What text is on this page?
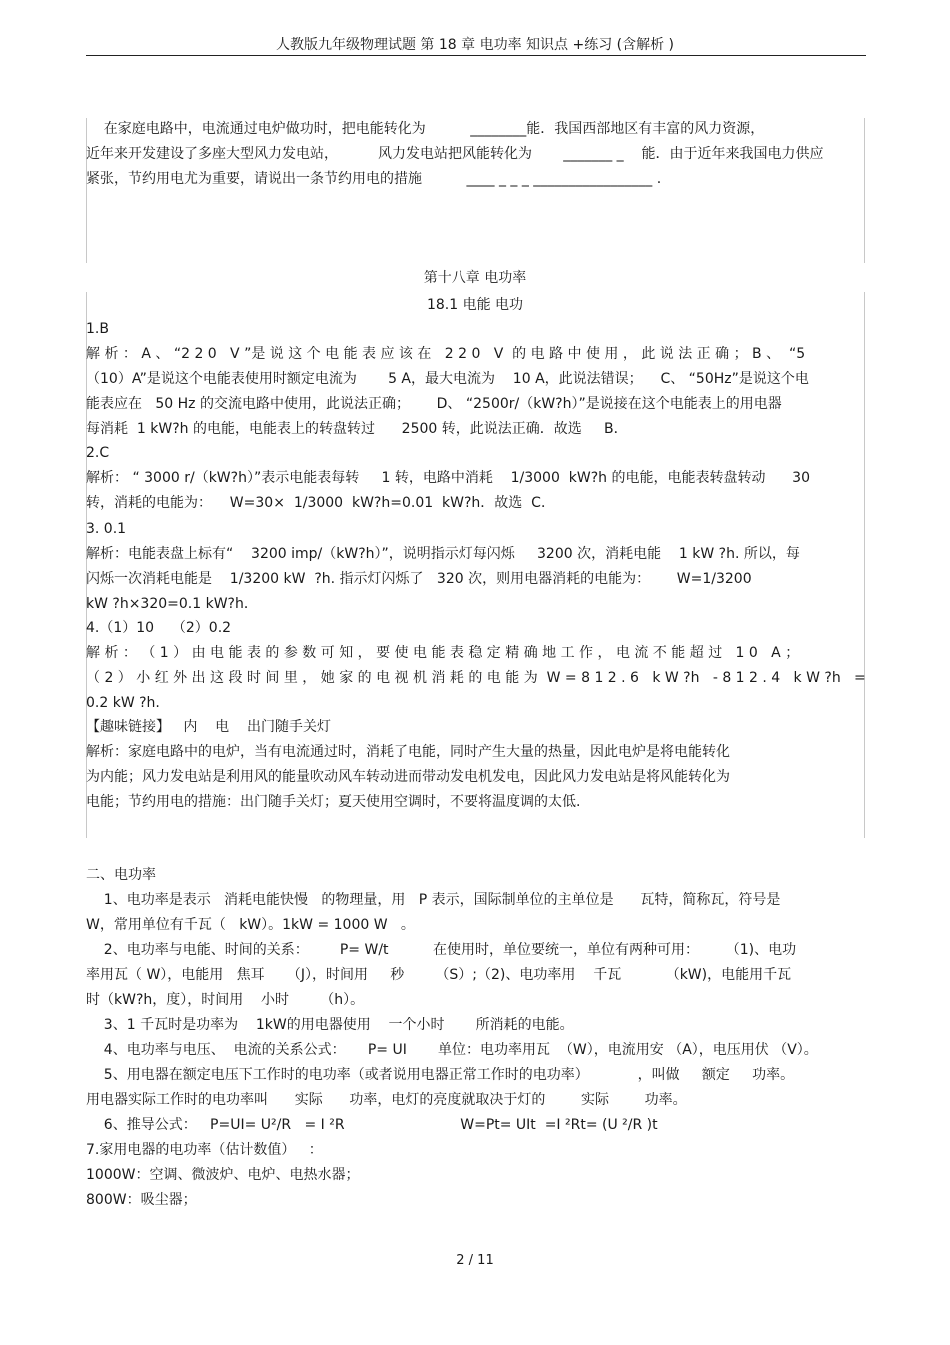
人教版九年级物理试题 第 18 章 电功率 知识点 +练习 (含解析 )
在家庭电路中，电流通过电炉做功时，把电能转化为          ________能．我国西部地区有丰富的风力资源，
近年来开发建设了多座大型风力发电站，         风力发电站把风能转化为       _______ _    能．由于近年来我国电力供应
紧张，节约用电尤为重要，请说出一条节约用电的措施          ____ _ _ _ _________________ .
第十八章 电功率
18.1 电能 电功
1.B
解 析 ： A 、 “2 2 0   V ”是 说 这 个 电 能 表 应 该 在   2 2 0   V  的 电 路 中 使 用 ， 此 说 法 正 确 ； B 、  “5
（10）A”是说这个电能表使用时额定电流为       5 A，最大电流为    10 A，此说法错误；    C、 “50Hz”是说这个电
能表应在   50 Hz 的交流电路中使用，此说法正确；      D、 “2500r/（kW?h）”是说接在这个电能表上的用电器
每消耗  1 kW?h 的电能，电能表上的转盘转过      2500 转，此说法正确．故选     B．
2.C
解析： “ 3000 r/（kW?h）”表示电能表每转     1 转，电路中消耗    1/3000  kW?h 的电能，电能表转盘转动      30
转，消耗的电能为：    W=30×  1/3000  kW?h=0.01  kW?h．故选  C．
3. 0.1
解析：电能表盘上标有“    3200 imp/（kW?h）”，说明指示灯每闪烁     3200 次，消耗电能    1 kW ?h. 所以，每
闪烁一次消耗电能是    1/3200 kW  ?h. 指示灯闪烁了   320 次，则用电器消耗的电能为：      W=1/3200
kW ?h×320=0.1 kW?h．
4.（1）10    （2）0.2
解 析 ： （ 1 ） 由 电 能 表 的 参 数 可 知 ， 要 使 电 能 表 稳 定 精 确 地 工 作 ， 电 流 不 能 超 过   1 0   A ；
（ 2 ） 小 红 外 出 这 段 时 间 里 ， 她 家 的 电 视 机 消 耗 的 电 能 为  W = 8 1 2 . 6   k W ?h   - 8 1 2 . 4   k W ?h   =
0.2 kW ?h.
【趣味链接】   内    电    出门随手关灯
解析：家庭电路中的电炉，当有电流通过时，消耗了电能，同时产生大量的热量，因此电炉是将电能转化
为内能；风力发电站是利用风的能量吹动风车转动进而带动发电机发电，因此风力发电站是将风能转化为
电能；节约用电的措施：出门随手关灯；夏天使用空调时，不要将温度调的太低.
二、电功率
1、电功率是表示   消耗电能快慢   的物理量，用   P 表示，国际制单位的主单位是      瓦特，简称瓦，符号是
W，常用单位有千瓦（   kW）。1kW = 1000 W   。
2、电功率与电能、时间的关系：       P= W/t          在使用时，单位要统一，单位有两种可用：      （1)、电功
率用瓦（ W），电能用   焦耳     （J），时间用     秒       （S）;（2)、电功率用    千瓦          （kW)，电能用千瓦
时（kW?h，度），时间用    小时       （h）。
3、1 千瓦时是功率为    1kW的用电器使用    一个小时       所消耗的电能。
4、电功率与电压、  电流的关系公式：     P= UI       单位：电功率用瓦  （W），电流用安 （A），电压用伏 （V）。
5、用电器在额定电压下工作时的电功率（或者说用电器正常工作时的电功率）           ，叫做     额定     功率。
用电器实际工作时的电功率叫      实际      功率，电灯的亮度就取决于灯的        实际        功率。
6、推导公式：   P=UI= U²/R   = I ²R                          W=Pt= UIt  =I ²Rt= (U ²/R )t
7.家用电器的电功率（估计数值）   ：
1000W：空调、微波炉、电炉、电热水器；
800W：吸尘器；
2 / 11
